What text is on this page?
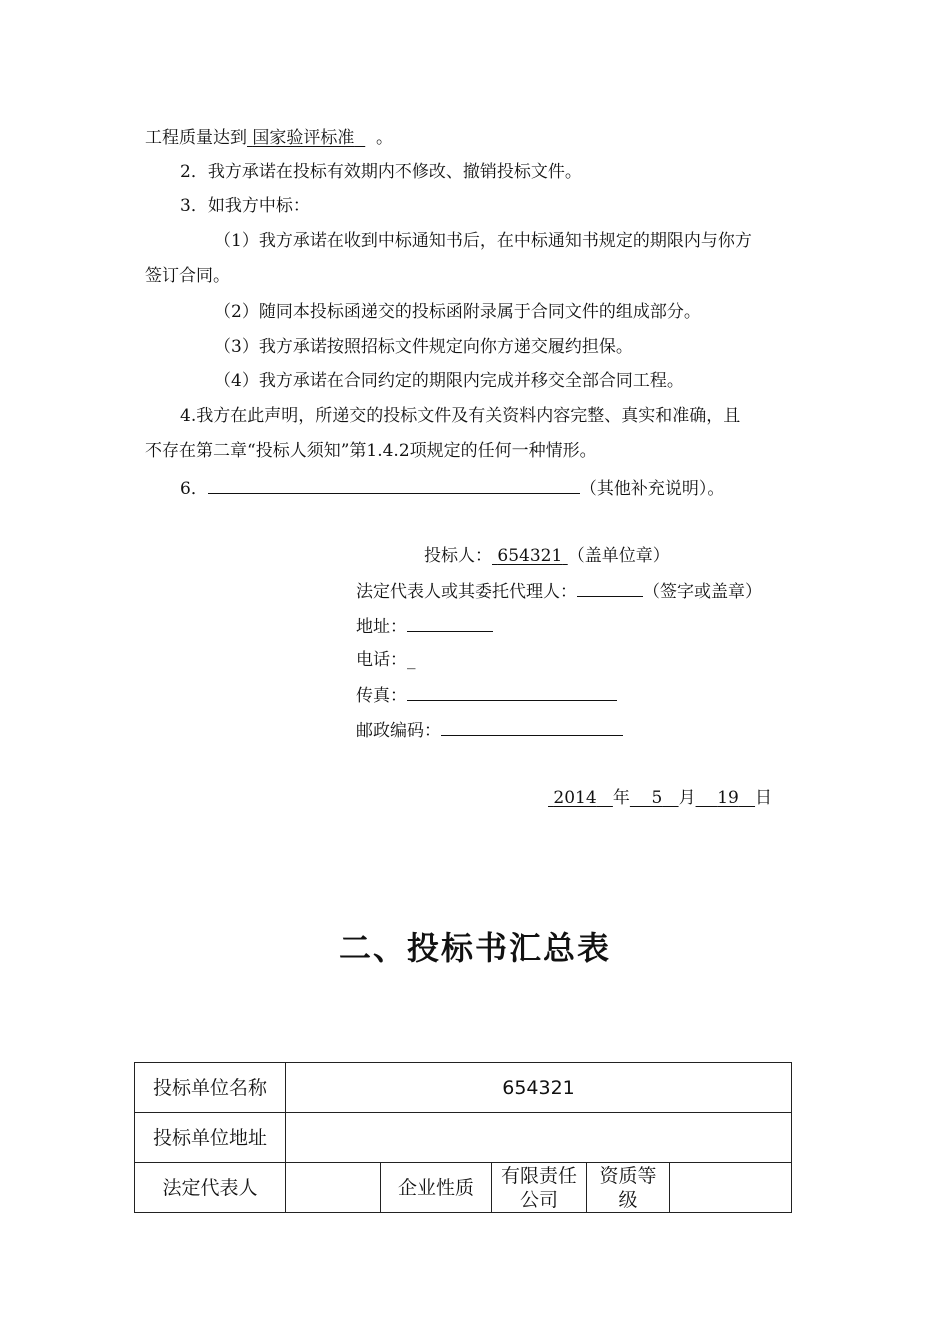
工程质量达到 国家验评标准 。
2．我方承诺在投标有效期内不修改、撤销投标文件。
3．如我方中标：
（1）我方承诺在收到中标通知书后，在中标通知书规定的期限内与你方
签订合同。
（2）随同本投标函递交的投标函附录属于合同文件的组成部分。
（3）我方承诺按照招标文件规定向你方递交履约担保。
（4）我方承诺在合同约定的期限内完成并移交全部合同工程。
4.我方在此声明，所递交的投标文件及有关资料内容完整、真实和准确，且
不存在第二章“投标人须知”第1.4.2项规定的任何一种情形。
6．	（其他补充说明）。
投标人： 654321 （盖单位章）
法定代表人或其委托代理人：	（签字或盖章）
地址：
电话：_
传真：
邮政编码：
2014 年 5 月 19 日
二、投标书汇总表
投标单位名称	654321				
投标单位地址					
法定代表人		企业性质	有限责任公司	资质等级	
